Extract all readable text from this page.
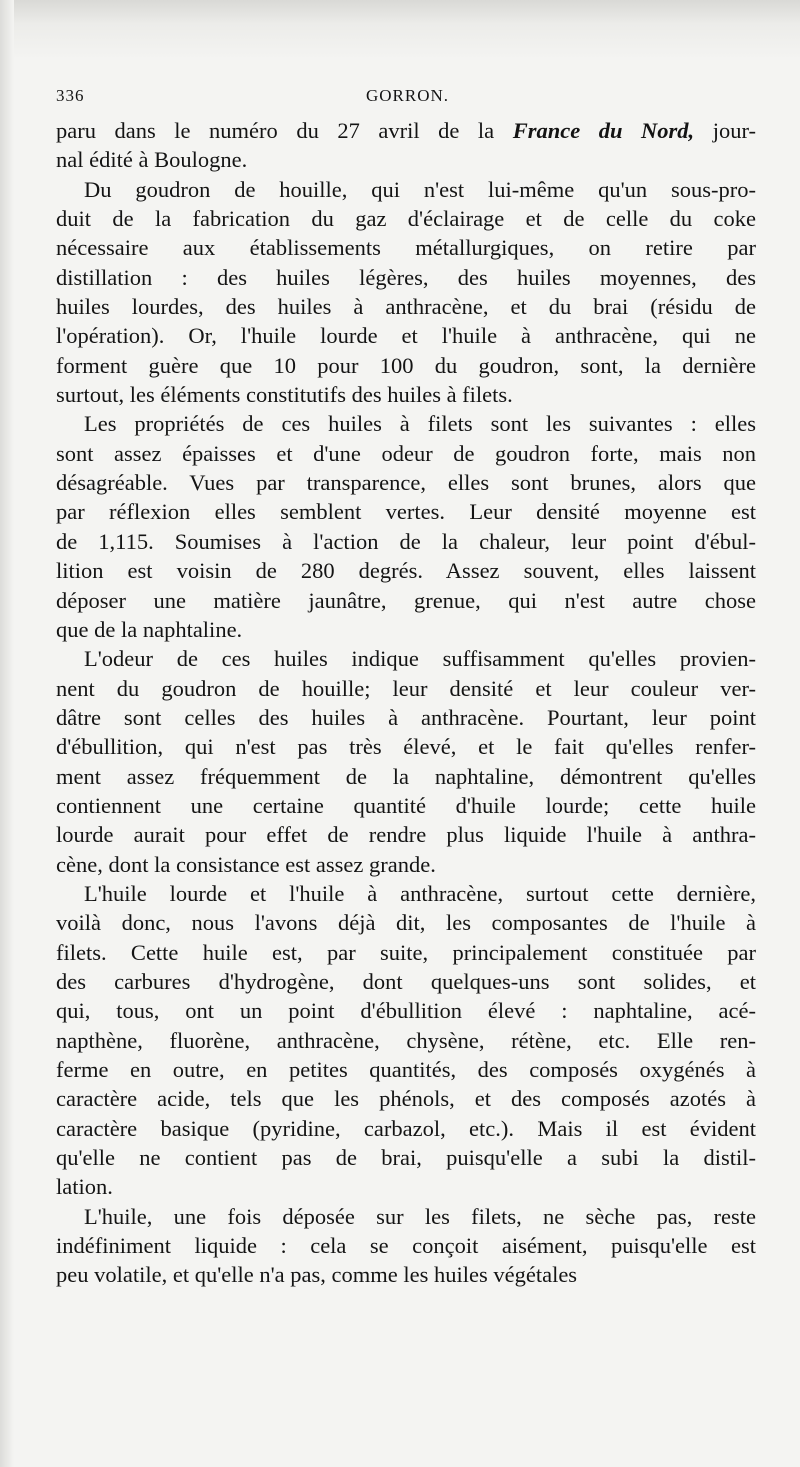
336	GORRON.

paru dans le numéro du 27 avril de la France du Nord, jour-
nal édité à Boulogne.

Du goudron de houille, qui n'est lui-même qu'un sous-pro-
duit de la fabrication du gaz d'éclairage et de celle du coke
nécessaire aux établissements métallurgiques, on retire par
distillation : des huiles légères, des huiles moyennes, des
huiles lourdes, des huiles à anthracène, et du brai (résidu de
l'opération). Or, l'huile lourde et l'huile à anthracène, qui ne
forment guère que 10 pour 100 du goudron, sont, la dernière
surtout, les éléments constitutifs des huiles à filets.

Les propriétés de ces huiles à filets sont les suivantes : elles
sont assez épaisses et d'une odeur de goudron forte, mais non
désagréable. Vues par transparence, elles sont brunes, alors que
par réflexion elles semblent vertes. Leur densité moyenne est
de 1,115. Soumises à l'action de la chaleur, leur point d'ébul-
lition est voisin de 280 degrés. Assez souvent, elles laissent
déposer une matière jaunâtre, grenue, qui n'est autre chose
que de la naphtaline.

L'odeur de ces huiles indique suffisamment qu'elles provien-
nent du goudron de houille; leur densité et leur couleur ver-
dâtre sont celles des huiles à anthracène. Pourtant, leur point
d'ébullition, qui n'est pas très élevé, et le fait qu'elles renfer-
ment assez fréquemment de la naphtaline, démontrent qu'elles
contiennent une certaine quantité d'huile lourde; cette huile
lourde aurait pour effet de rendre plus liquide l'huile à anthra-
cène, dont la consistance est assez grande.

L'huile lourde et l'huile à anthracène, surtout cette dernière,
voilà donc, nous l'avons déjà dit, les composantes de l'huile à
filets. Cette huile est, par suite, principalement constituée par
des carbures d'hydrogène, dont quelques-uns sont solides, et
qui, tous, ont un point d'ébullition élevé : naphtaline, acé-
napthène, fluorène, anthracène, chysène, rétène, etc. Elle ren-
ferme en outre, en petites quantités, des composés oxygénés à
caractère acide, tels que les phénols, et des composés azotés à
caractère basique (pyridine, carbazol, etc.). Mais il est évident
qu'elle ne contient pas de brai, puisqu'elle a subi la distil-
lation.

L'huile, une fois déposée sur les filets, ne sèche pas, reste
indéfiniment liquide : cela se conçoit aisément, puisqu'elle est
peu volatile, et qu'elle n'a pas, comme les huiles végétales
